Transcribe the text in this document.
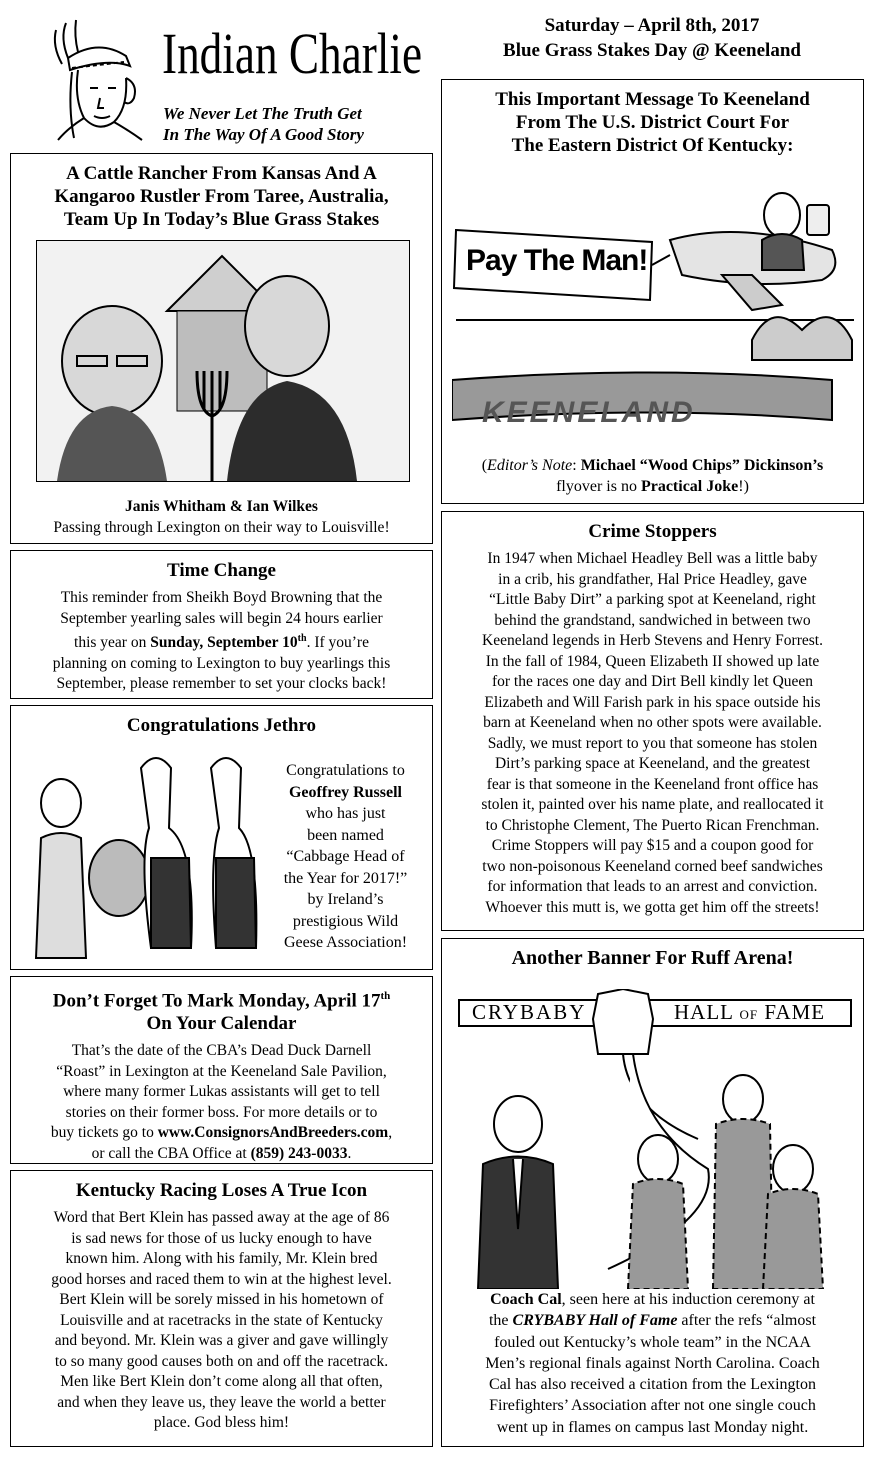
Indian Charlie
We Never Let The Truth Get
In The Way Of A Good Story
Saturday – April 8th, 2017
Blue Grass Stakes Day @ Keeneland
A Cattle Rancher From Kansas And A
Kangaroo Rustler From Taree, Australia,
Team Up In Today’s Blue Grass Stakes
Janis Whitham & Ian Wilkes
Passing through Lexington on their way to Louisville!
Time Change
This reminder from Sheikh Boyd Browning that the
September yearling sales will begin 24 hours earlier
this year on Sunday, September 10th. If you’re
planning on coming to Lexington to buy yearlings this
September, please remember to set your clocks back!
Congratulations Jethro
Congratulations to
Geoffrey Russell
who has just
been named
“Cabbage Head of
the Year for 2017!”
by Ireland’s
prestigious Wild
Geese Association!
Don’t Forget To Mark Monday, April 17th
On Your Calendar
That’s the date of the CBA’s Dead Duck Darnell
“Roast” in Lexington at the Keeneland Sale Pavilion,
where many former Lukas assistants will get to tell
stories on their former boss. For more details or to
buy tickets go to www.ConsignorsAndBreeders.com,
or call the CBA Office at (859) 243-0033.
Kentucky Racing Loses A True Icon
Word that Bert Klein has passed away at the age of 86
is sad news for those of us lucky enough to have
known him. Along with his family, Mr. Klein bred
good horses and raced them to win at the highest level.
Bert Klein will be sorely missed in his hometown of
Louisville and at racetracks in the state of Kentucky
and beyond. Mr. Klein was a giver and gave willingly
to so many good causes both on and off the racetrack.
Men like Bert Klein don’t come along all that often,
and when they leave us, they leave the world a better
place. God bless him!
This Important Message To Keeneland
From The U.S. District Court For
The Eastern District Of Kentucky:
Pay The Man!
KEENELAND
(Editor’s Note: Michael “Wood Chips” Dickinson’s
flyover is no Practical Joke!)
Crime Stoppers
In 1947 when Michael Headley Bell was a little baby
in a crib, his grandfather, Hal Price Headley, gave
“Little Baby Dirt” a parking spot at Keeneland, right
behind the grandstand, sandwiched in between two
Keeneland legends in Herb Stevens and Henry Forrest.
In the fall of 1984, Queen Elizabeth II showed up late
for the races one day and Dirt Bell kindly let Queen
Elizabeth and Will Farish park in his space outside his
barn at Keeneland when no other spots were available.
Sadly, we must report to you that someone has stolen
Dirt’s parking space at Keeneland, and the greatest
fear is that someone in the Keeneland front office has
stolen it, painted over his name plate, and reallocated it
to Christophe Clement, The Puerto Rican Frenchman.
Crime Stoppers will pay $15 and a coupon good for
two non-poisonous Keeneland corned beef sandwiches
for information that leads to an arrest and conviction.
Whoever this mutt is, we gotta get him off the streets!
Another Banner For Ruff Arena!
CRYBABY	HALL OF FAME
Coach Cal, seen here at his induction ceremony at
the CRYBABY Hall of Fame after the refs “almost
fouled out Kentucky’s whole team” in the NCAA
Men’s regional finals against North Carolina. Coach
Cal has also received a citation from the Lexington
Firefighters’ Association after not one single couch
went up in flames on campus last Monday night.
